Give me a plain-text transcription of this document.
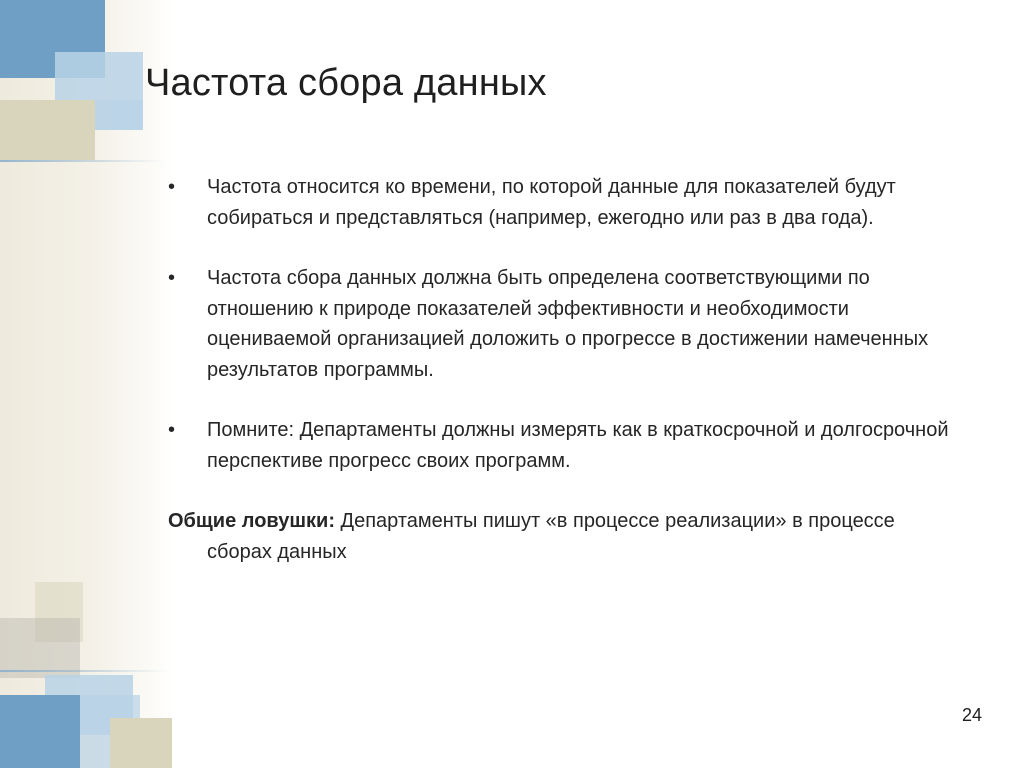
Частота сбора данных
•	Частота относится ко времени, по которой данные для показателей будут собираться и представляться (например, ежегодно или раз в два года).
•	Частота сбора данных должна быть определена соответствующими по отношению к природе показателей эффективности и необходимости оцениваемой организацией доложить о прогрессе в достижении намеченных результатов программы.
•	Помните: Департаменты должны измерять как в краткосрочной и долгосрочной перспективе прогресс своих программ.

Общие ловушки: Департаменты пишут «в процессе реализации» в процессе сборах данных

24
